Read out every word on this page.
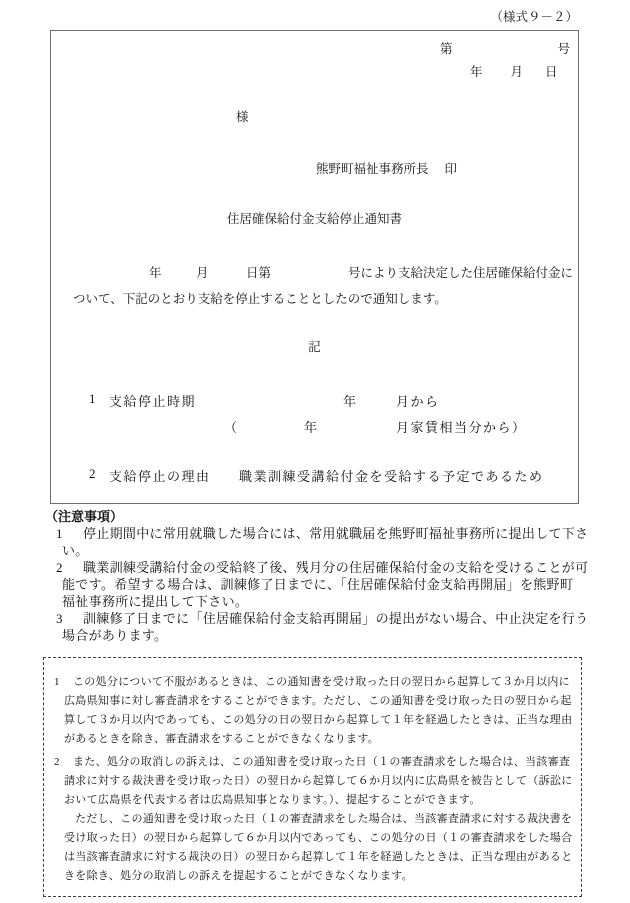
（様式９－２）
第	号
年 月 日
様
熊野町福祉事務所長 印
住居確保給付金支給停止通知書
年	月	日第	号により支給決定した住居確保給付金に
ついて、下記のとおり支給を停止することとしたので通知します。
記
1 支給停止時期	年	月から
（	年	月家賃相当分から）
2 支給停止の理由 職業訓練受講給付金を受給する予定であるため
（注意事項）
1 停止期間中に常用就職した場合には、常用就職届を熊野町福祉事務所に提出して下さ
い。
2 職業訓練受講給付金の受給終了後、残月分の住居確保給付金の支給を受けることが可
能です。希望する場合は、訓練修了日までに、「住居確保給付金支給再開届」を熊野町
福祉事務所に提出して下さい。
3 訓練修了日までに「住居確保給付金支給再開届」の提出がない場合、中止決定を行う
場合があります。
1 この処分について不服があるときは、この通知書を受け取った日の翌日から起算して３か月以内に
広島県知事に対し審査請求をすることができます。ただし、この通知書を受け取った日の翌日から起
算して３か月以内であっても、この処分の日の翌日から起算して１年を経過したときは、正当な理由
があるときを除き、審査請求をすることができなくなります。
2 また、処分の取消しの訴えは、この通知書を受け取った日（１の審査請求をした場合は、当該審査
請求に対する裁決書を受け取った日）の翌日から起算して６か月以内に広島県を被告として（訴訟に
おいて広島県を代表する者は広島県知事となります。）、提起することができます。
ただし、この通知書を受け取った日（１の審査請求をした場合は、当該審査請求に対する裁決書を
受け取った日）の翌日から起算して６か月以内であっても、この処分の日（１の審査請求をした場合
は当該審査請求に対する裁決の日）の翌日から起算して１年を経過したときは、正当な理由があると
きを除き、処分の取消しの訴えを提起することができなくなります。
